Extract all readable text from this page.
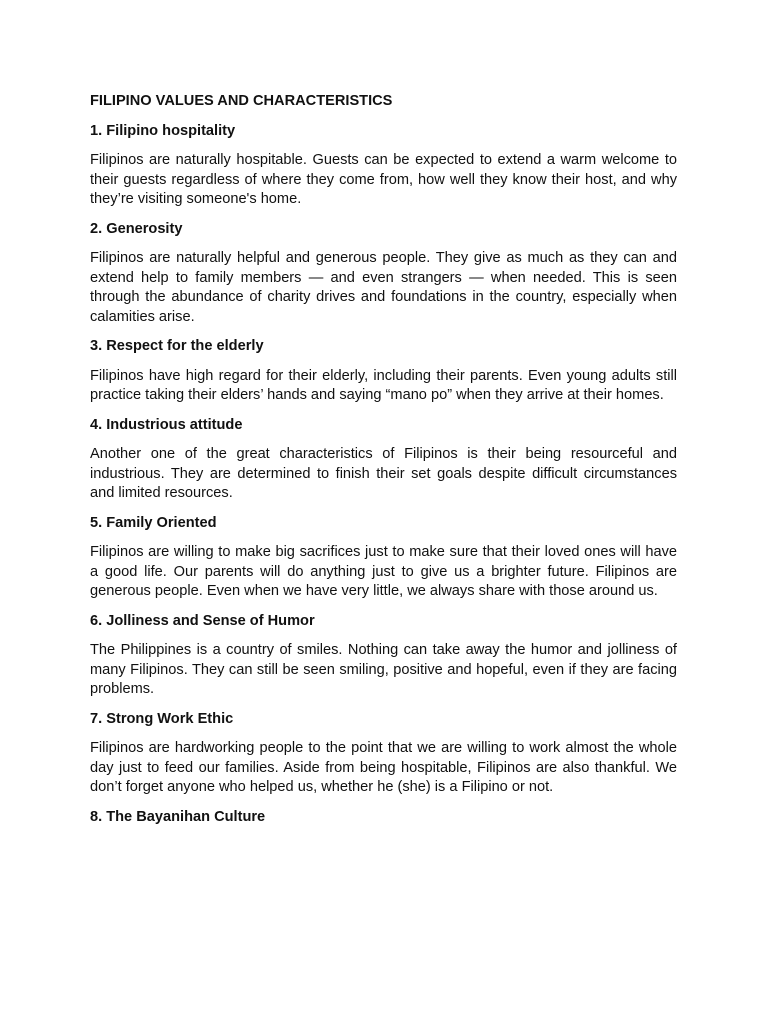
FILIPINO VALUES AND CHARACTERISTICS
1. Filipino hospitality
Filipinos are naturally hospitable. Guests can be expected to extend a warm welcome to their guests regardless of where they come from, how well they know their host, and why they’re visiting someone's home.
2. Generosity
Filipinos are naturally helpful and generous people. They give as much as they can and extend help to family members — and even strangers — when needed. This is seen through the abundance of charity drives and foundations in the country, especially when calamities arise.
3. Respect for the elderly
Filipinos have high regard for their elderly, including their parents. Even young adults still practice taking their elders’ hands and saying “mano po” when they arrive at their homes.
4. Industrious attitude
Another one of the great characteristics of Filipinos is their being resourceful and industrious. They are determined to finish their set goals despite difficult circumstances and limited resources.
5. Family Oriented
Filipinos are willing to make big sacrifices just to make sure that their loved ones will have a good life. Our parents will do anything just to give us a brighter future. Filipinos are generous people. Even when we have very little, we always share with those around us.
6. Jolliness and Sense of Humor
The Philippines is a country of smiles. Nothing can take away the humor and jolliness of many Filipinos. They can still be seen smiling, positive and hopeful, even if they are facing problems.
7. Strong Work Ethic
Filipinos are hardworking people to the point that we are willing to work almost the whole day just to feed our families. Aside from being hospitable, Filipinos are also thankful. We don’t forget anyone who helped us, whether he (she) is a Filipino or not.
8. The Bayanihan Culture
